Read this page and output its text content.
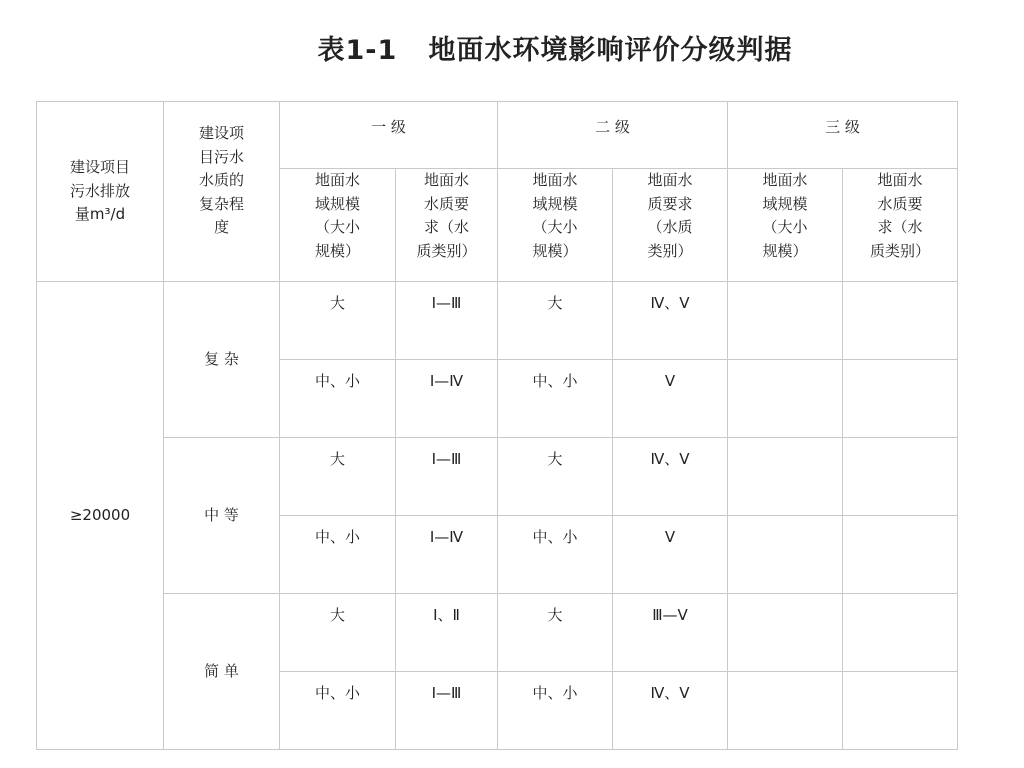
表1-1   地面水环境影响评价分级判据
建设项目
污水排放
量m³/d	建设项
目污水
水质的
复杂程
度	一 级		二 级		三 级	
		地面水
域规模
（大小
规模）	地面水
水质要
求（水
质类别）	地面水
域规模
（大小
规模）	地面水
质要求
（水质
类别）	地面水
域规模
（大小
规模）	地面水
水质要
求（水
质类别）
≥20000	复 杂	大	Ⅰ—Ⅲ	大	Ⅳ、Ⅴ		
		中、小	Ⅰ—Ⅳ	中、小	Ⅴ		
	中 等	大	Ⅰ—Ⅲ	大	Ⅳ、Ⅴ		
		中、小	Ⅰ—Ⅳ	中、小	Ⅴ		
	简 单	大	Ⅰ、Ⅱ	大	Ⅲ—Ⅴ		
		中、小	Ⅰ—Ⅲ	中、小	Ⅳ、Ⅴ		
